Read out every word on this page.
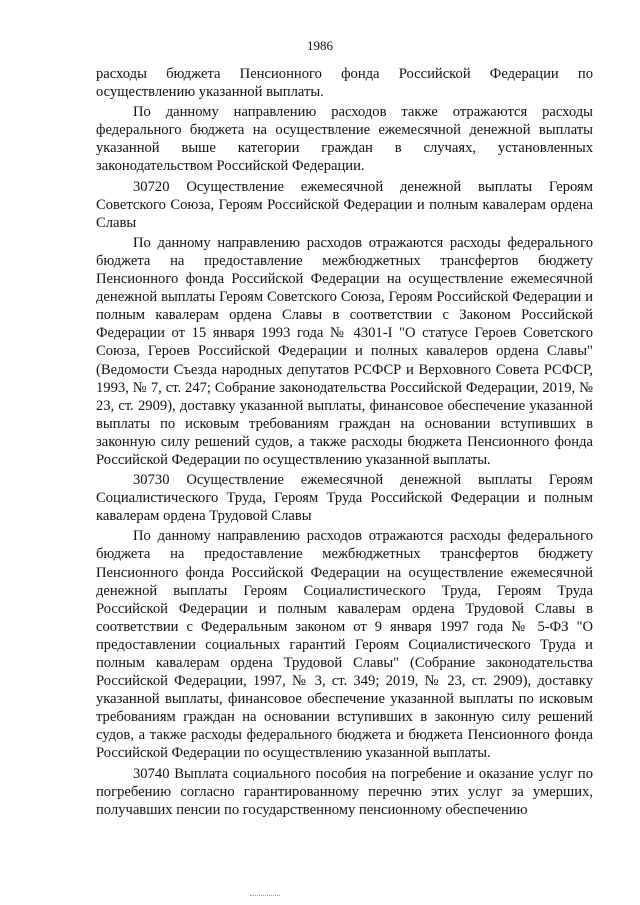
1986

расходы бюджета Пенсионного фонда Российской Федерации по осуществлению указанной выплаты.

По данному направлению расходов также отражаются расходы федерального бюджета на осуществление ежемесячной денежной выплаты указанной выше категории граждан в случаях, установленных законодательством Российской Федерации.

30720 Осуществление ежемесячной денежной выплаты Героям Советского Союза, Героям Российской Федерации и полным кавалерам ордена Славы

По данному направлению расходов отражаются расходы федерального бюджета на предоставление межбюджетных трансфертов бюджету Пенсионного фонда Российской Федерации на осуществление ежемесячной денежной выплаты Героям Советского Союза, Героям Российской Федерации и полным кавалерам ордена Славы в соответствии с Законом Российской Федерации от 15 января 1993 года № 4301-I "О статусе Героев Советского Союза, Героев Российской Федерации и полных кавалеров ордена Славы" (Ведомости Съезда народных депутатов РСФСР и Верховного Совета РСФСР, 1993, № 7, ст. 247; Собрание законодательства Российской Федерации, 2019, № 23, ст. 2909), доставку указанной выплаты, финансовое обеспечение указанной выплаты по исковым требованиям граждан на основании вступивших в законную силу решений судов, а также расходы бюджета Пенсионного фонда Российской Федерации по осуществлению указанной выплаты.

30730 Осуществление ежемесячной денежной выплаты Героям Социалистического Труда, Героям Труда Российской Федерации и полным кавалерам ордена Трудовой Славы

По данному направлению расходов отражаются расходы федерального бюджета на предоставление межбюджетных трансфертов бюджету Пенсионного фонда Российской Федерации на осуществление ежемесячной денежной выплаты Героям Социалистического Труда, Героям Труда Российской Федерации и полным кавалерам ордена Трудовой Славы в соответствии с Федеральным законом от 9 января 1997 года № 5-ФЗ "О предоставлении социальных гарантий Героям Социалистического Труда и полным кавалерам ордена Трудовой Славы" (Собрание законодательства Российской Федерации, 1997, № 3, ст. 349; 2019, № 23, ст. 2909), доставку указанной выплаты, финансовое обеспечение указанной выплаты по исковым требованиям граждан на основании вступивших в законную силу решений судов, а также расходы федерального бюджета и бюджета Пенсионного фонда Российской Федерации по осуществлению указанной выплаты.

30740 Выплата социального пособия на погребение и оказание услуг по погребению согласно гарантированному перечню этих услуг за умерших, получавших пенсии по государственному пенсионному обеспечению
